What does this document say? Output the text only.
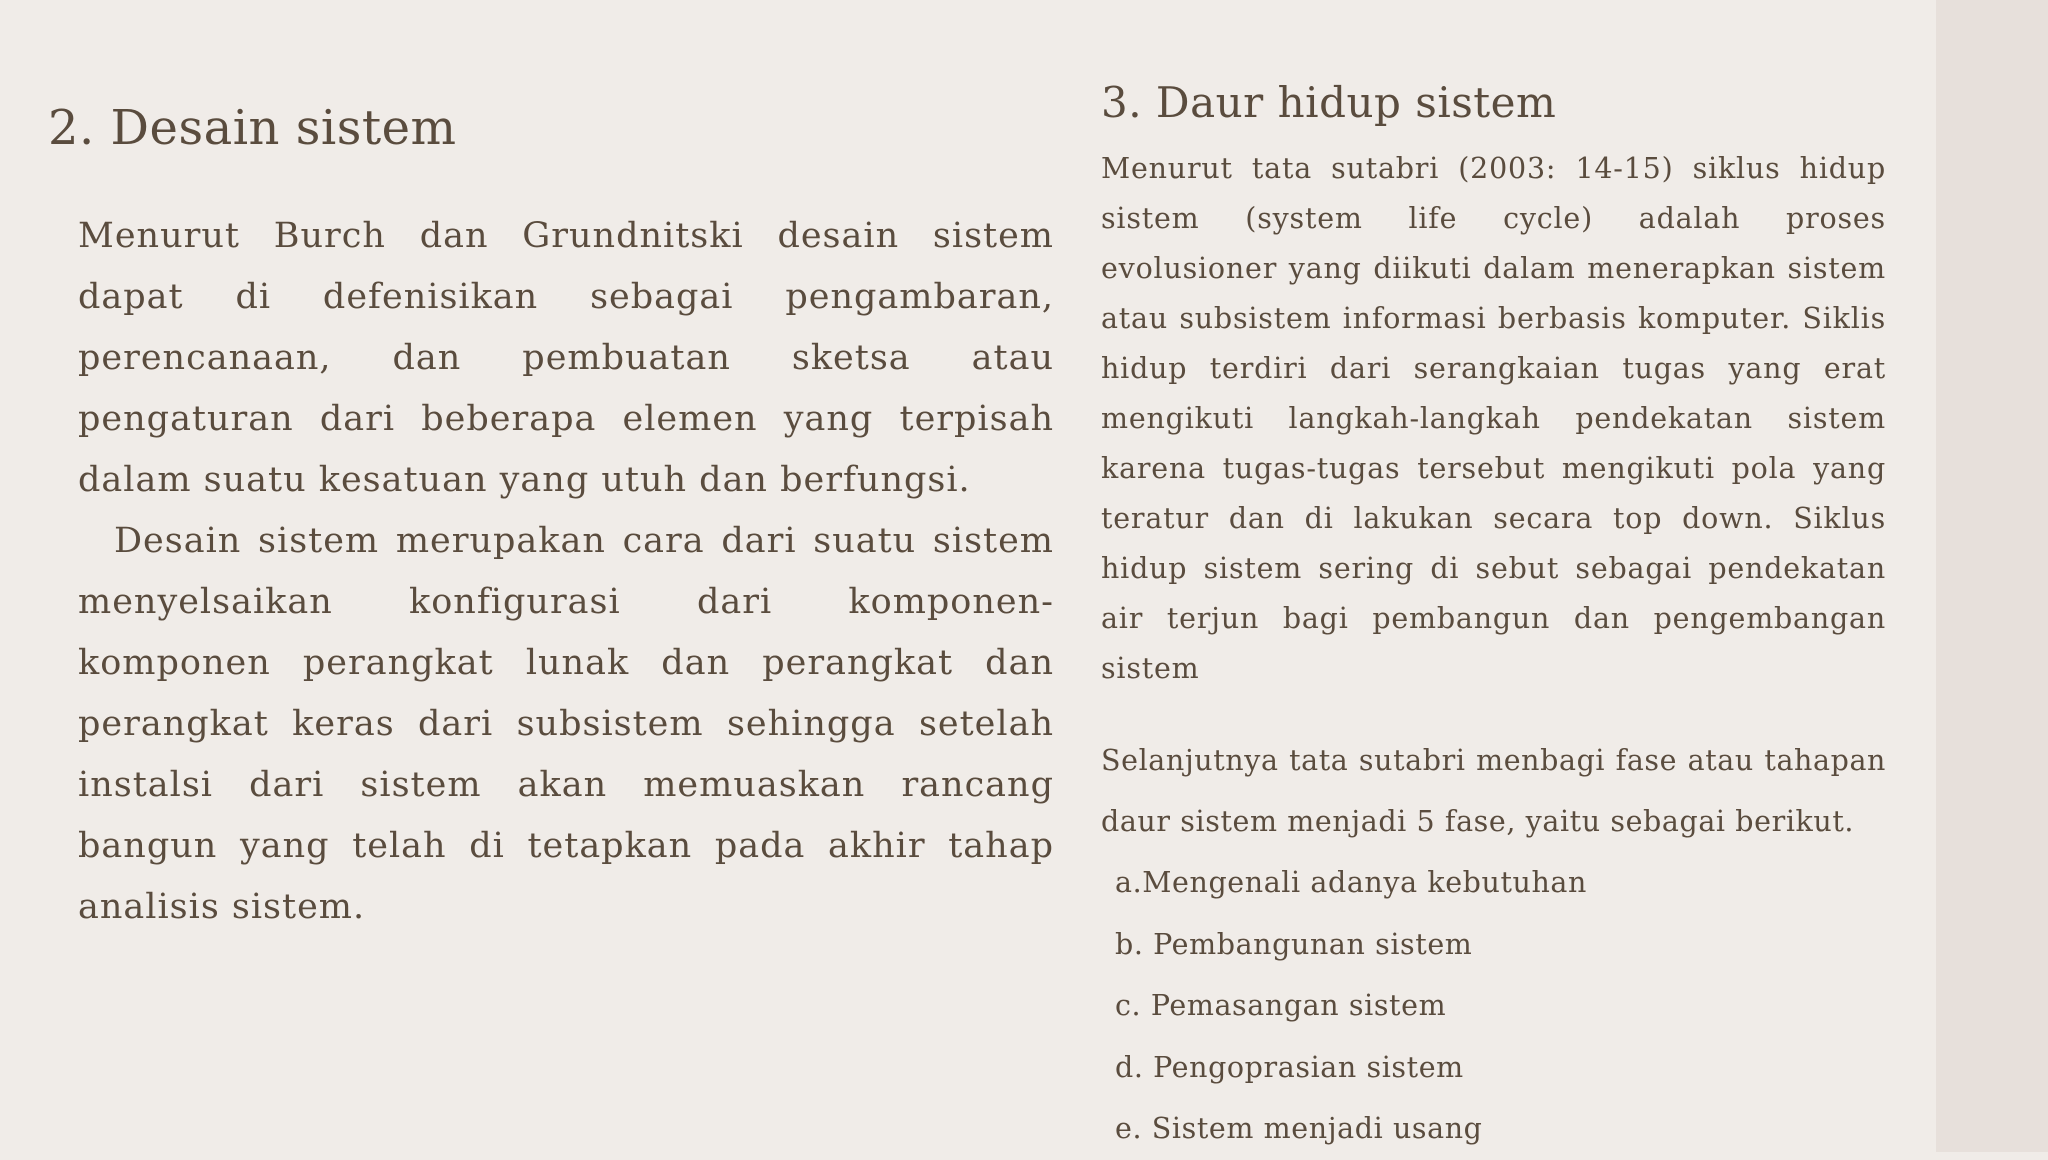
2. Desain sistem

Menurut Burch dan Grundnitski desain sistem dapat di defenisikan sebagai pengambaran, perencanaan, dan pembuatan sketsa atau pengaturan dari beberapa elemen yang terpisah dalam suatu kesatuan yang utuh dan berfungsi.

Desain sistem merupakan cara dari suatu sistem menyelsaikan konfigurasi dari komponen-komponen perangkat lunak dan perangkat dan perangkat keras dari subsistem sehingga setelah instalsi dari sistem akan memuaskan rancang bangun yang telah di tetapkan pada akhir tahap analisis sistem.

3. Daur hidup sistem

Menurut tata sutabri (2003: 14-15) siklus hidup sistem (system life cycle) adalah proses evolusioner yang diikuti dalam menerapkan sistem atau subsistem informasi berbasis komputer. Siklis hidup terdiri dari serangkaian tugas yang erat mengikuti langkah-langkah pendekatan sistem karena tugas-tugas tersebut mengikuti pola yang teratur dan di lakukan secara top down. Siklus hidup sistem sering di sebut sebagai pendekatan air terjun bagi pembangun dan pengembangan sistem

Selanjutnya tata sutabri menbagi fase atau tahapan daur sistem menjadi 5 fase, yaitu sebagai berikut.
a.Mengenali adanya kebutuhan
b. Pembangunan sistem
c. Pemasangan sistem
d. Pengoprasian sistem
e. Sistem menjadi usang
